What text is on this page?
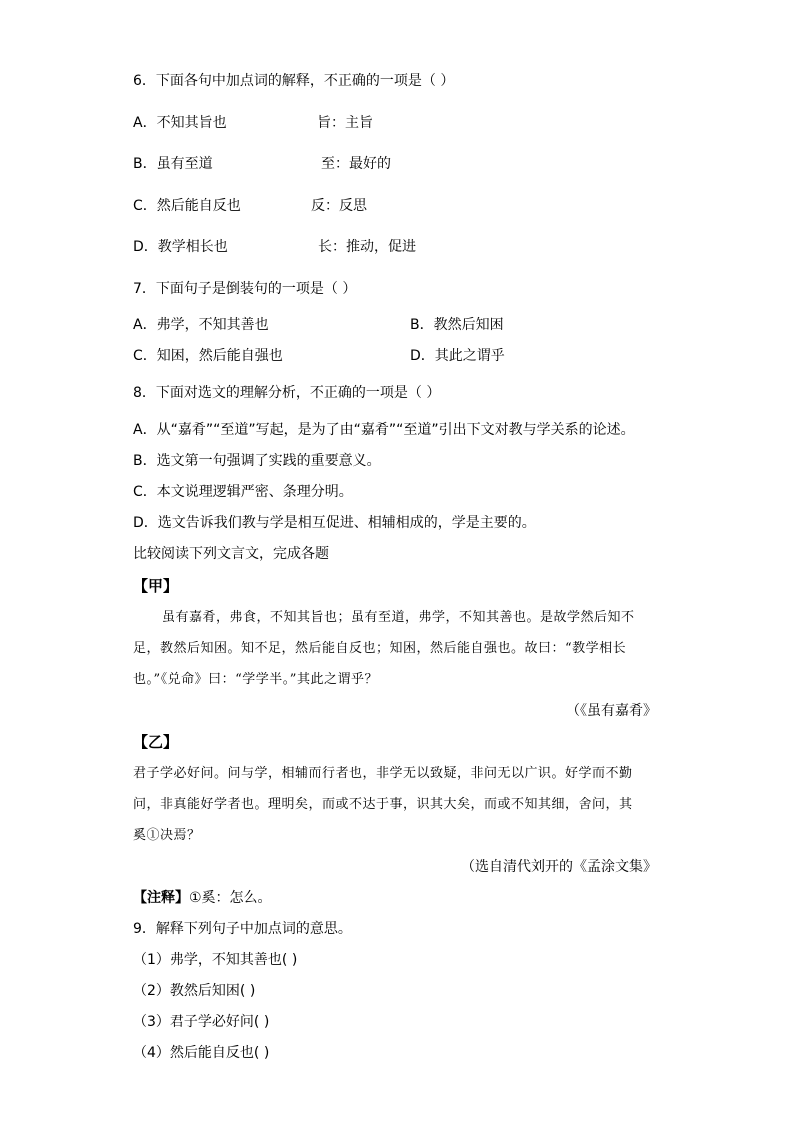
6．下面各句中加点词的解释，不正确的一项是（ ）
A．不知其旨也	旨：主旨
B．虽有至道	至：最好的
C．然后能自反也	反：反思
D．教学相长也	长：推动，促进
7．下面句子是倒装句的一项是（ ）
A．弗学，不知其善也	B．教然后知困
C．知困，然后能自强也	D．其此之谓乎
8．下面对选文的理解分析，不正确的一项是（ ）
A．从“嘉肴”“至道”写起，是为了由“嘉肴”“至道”引出下文对教与学关系的论述。
B．选文第一句强调了实践的重要意义。
C．本文说理逻辑严密、条理分明。
D．选文告诉我们教与学是相互促进、相辅相成的，学是主要的。
比较阅读下列文言文，完成各题
【甲】
虽有嘉肴，弗食，不知其旨也；虽有至道，弗学，不知其善也。是故学然后知不
足，教然后知困。知不足，然后能自反也；知困，然后能自强也。故曰：“教学相长
也。”《兑命》曰：“学学半。”其此之谓乎？
（《虽有嘉肴》
【乙】
君子学必好问。问与学，相辅而行者也，非学无以致疑，非问无以广识。好学而不勤
问，非真能好学者也。理明矣，而或不达于事，识其大矣，而或不知其细，舍问，其
奚①决焉？
（选自清代刘开的《孟涂文集》
【注释】①奚：怎么。
9．解释下列句子中加点词的意思。
（1）弗学，不知其善也( )
（2）教然后知困( )
（3）君子学必好问( )
（4）然后能自反也( )
